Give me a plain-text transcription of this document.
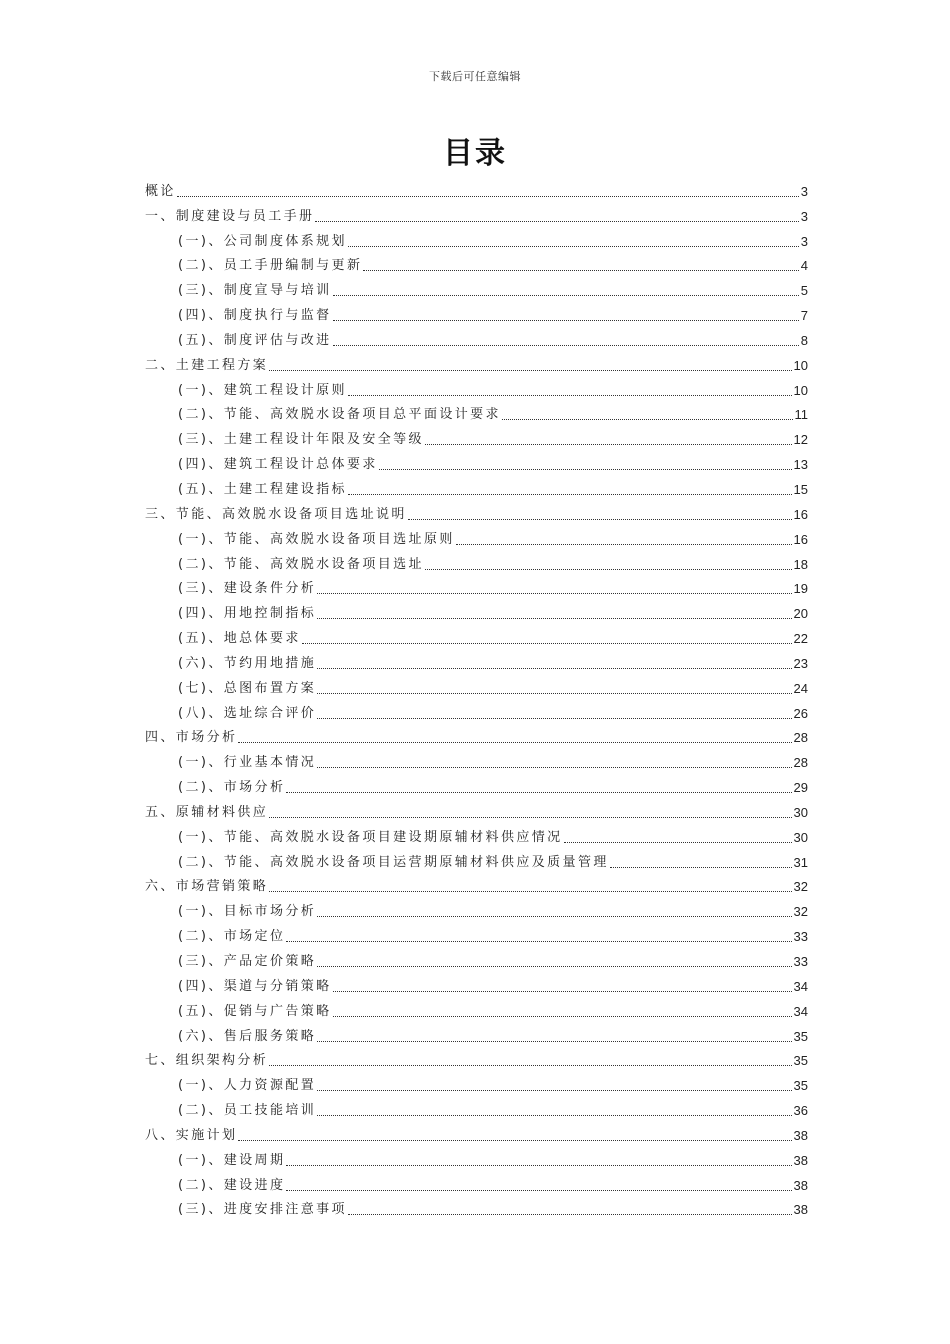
下载后可任意编辑
目录
概论	3
一、制度建设与员工手册	3
(一)、公司制度体系规划	3
(二)、员工手册编制与更新	4
(三)、制度宣导与培训	5
(四)、制度执行与监督	7
(五)、制度评估与改进	8
二、土建工程方案	10
(一)、建筑工程设计原则	10
(二)、节能、高效脱水设备项目总平面设计要求	11
(三)、土建工程设计年限及安全等级	12
(四)、建筑工程设计总体要求	13
(五)、土建工程建设指标	15
三、节能、高效脱水设备项目选址说明	16
(一)、节能、高效脱水设备项目选址原则	16
(二)、节能、高效脱水设备项目选址	18
(三)、建设条件分析	19
(四)、用地控制指标	20
(五)、地总体要求	22
(六)、节约用地措施	23
(七)、总图布置方案	24
(八)、选址综合评价	26
四、市场分析	28
(一)、行业基本情况	28
(二)、市场分析	29
五、原辅材料供应	30
(一)、节能、高效脱水设备项目建设期原辅材料供应情况	30
(二)、节能、高效脱水设备项目运营期原辅材料供应及质量管理	31
六、市场营销策略	32
(一)、目标市场分析	32
(二)、市场定位	33
(三)、产品定价策略	33
(四)、渠道与分销策略	34
(五)、促销与广告策略	34
(六)、售后服务策略	35
七、组织架构分析	35
(一)、人力资源配置	35
(二)、员工技能培训	36
八、实施计划	38
(一)、建设周期	38
(二)、建设进度	38
(三)、进度安排注意事项	38
